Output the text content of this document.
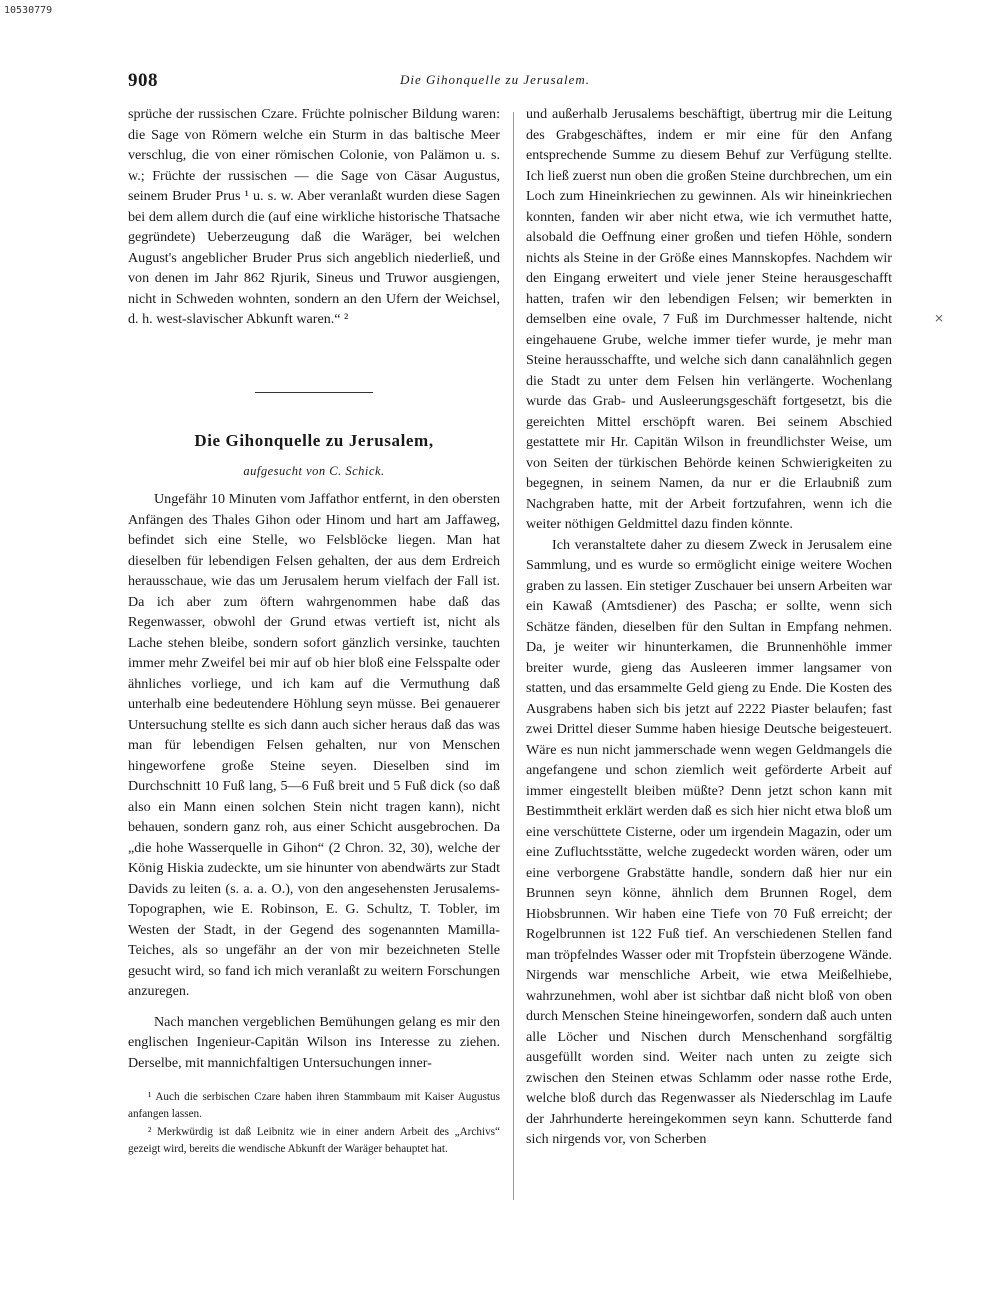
10530779
908	Die Gihonquelle zu Jerusalem.

sprüche der russischen Czare. Früchte polnischer Bildung waren: die Sage von Römern welche ein Sturm in das baltische Meer verschlug, die von einer römischen Colonie, von Palämon u. s. w.; Früchte der russischen — die Sage von Cäsar Augustus, seinem Bruder Prus ¹ u. s. w. Aber veranlaßt wurden diese Sagen bei dem allem durch die (auf eine wirkliche historische Thatsache gegründete) Ueberzeugung daß die Waräger, bei welchen August's angeblicher Bruder Prus sich angeblich niederließ, und von denen im Jahr 862 Rjurik, Sineus und Truwor ausgiengen, nicht in Schweden wohnten, sondern an den Ufern der Weichsel, d. h. west-slavischer Abkunft waren.“ ²

Die Gihonquelle zu Jerusalem,
aufgesucht von C. Schick.

Ungefähr 10 Minuten vom Jaffathor entfernt, in den obersten Anfängen des Thales Gihon oder Hinom und hart am Jaffaweg, befindet sich eine Stelle, wo Felsblöcke liegen. Man hat dieselben für lebendigen Felsen gehalten, der aus dem Erdreich herausschaue, wie das um Jerusalem herum vielfach der Fall ist. Da ich aber zum öftern wahrgenommen habe daß das Regenwasser, obwohl der Grund etwas vertieft ist, nicht als Lache stehen bleibe, sondern sofort gänzlich versinke, tauchten immer mehr Zweifel bei mir auf ob hier bloß eine Felsspalte oder ähnliches vorliege, und ich kam auf die Vermuthung daß unterhalb eine bedeutendere Höhlung seyn müsse. Bei genauerer Untersuchung stellte es sich dann auch sicher heraus daß das was man für lebendigen Felsen gehalten, nur von Menschen hingeworfene große Steine seyen. Dieselben sind im Durchschnitt 10 Fuß lang, 5—6 Fuß breit und 5 Fuß dick (so daß also ein Mann einen solchen Stein nicht tragen kann), nicht behauen, sondern ganz roh, aus einer Schicht ausgebrochen. Da „die hohe Wasserquelle in Gihon“ (2 Chron. 32, 30), welche der König Hiskia zudeckte, um sie hinunter von abendwärts zur Stadt Davids zu leiten (s. a. a. O.), von den angesehensten Jerusalems-Topographen, wie E. Robinson, E. G. Schultz, T. Tobler, im Westen der Stadt, in der Gegend des sogenannten Mamilla-Teiches, als so ungefähr an der von mir bezeichneten Stelle gesucht wird, so fand ich mich veranlaßt zu weitern Forschungen anzuregen.

Nach manchen vergeblichen Bemühungen gelang es mir den englischen Ingenieur-Capitän Wilson ins Interesse zu ziehen. Derselbe, mit mannichfaltigen Untersuchungen inner-

¹ Auch die serbischen Czare haben ihren Stammbaum mit Kaiser Augustus anfangen lassen.

² Merkwürdig ist daß Leibnitz wie in einer andern Arbeit des „Archivs“ gezeigt wird, bereits die wendische Abkunft der Waräger behauptet hat.

und außerhalb Jerusalems beschäftigt, übertrug mir die Leitung des Grabgeschäftes, indem er mir eine für den Anfang entsprechende Summe zu diesem Behuf zur Verfügung stellte. Ich ließ zuerst nun oben die großen Steine durchbrechen, um ein Loch zum Hineinkriechen zu gewinnen. Als wir hineinkriechen konnten, fanden wir aber nicht etwa, wie ich vermuthet hatte, alsobald die Oeffnung einer großen und tiefen Höhle, sondern nichts als Steine in der Größe eines Mannskopfes. Nachdem wir den Eingang erweitert und viele jener Steine herausgeschafft hatten, trafen wir den lebendigen Felsen; wir bemerkten in demselben eine ovale, 7 Fuß im Durchmesser haltende, nicht eingehauene Grube, welche immer tiefer wurde, je mehr man Steine herausschaffte, und welche sich dann canalähnlich gegen die Stadt zu unter dem Felsen hin verlängerte. Wochenlang wurde das Grab- und Ausleerungsgeschäft fortgesetzt, bis die gereichten Mittel erschöpft waren. Bei seinem Abschied gestattete mir Hr. Capitän Wilson in freundlichster Weise, um von Seiten der türkischen Behörde keinen Schwierigkeiten zu begegnen, in seinem Namen, da nur er die Erlaubniß zum Nachgraben hatte, mit der Arbeit fortzufahren, wenn ich die weiter nöthigen Geldmittel dazu finden könnte.

Ich veranstaltete daher zu diesem Zweck in Jerusalem eine Sammlung, und es wurde so ermöglicht einige weitere Wochen graben zu lassen. Ein stetiger Zuschauer bei unsern Arbeiten war ein Kawaß (Amtsdiener) des Pascha; er sollte, wenn sich Schätze fänden, dieselben für den Sultan in Empfang nehmen. Da, je weiter wir hinunterkamen, die Brunnenhöhle immer breiter wurde, gieng das Ausleeren immer langsamer von statten, und das ersammelte Geld gieng zu Ende. Die Kosten des Ausgrabens haben sich bis jetzt auf 2222 Piaster belaufen; fast zwei Drittel dieser Summe haben hiesige Deutsche beigesteuert. Wäre es nun nicht jammerschade wenn wegen Geldmangels die angefangene und schon ziemlich weit geförderte Arbeit auf immer eingestellt bleiben müßte? Denn jetzt schon kann mit Bestimmtheit erklärt werden daß es sich hier nicht etwa bloß um eine verschüttete Cisterne, oder um irgendein Magazin, oder um eine Zufluchtsstätte, welche zugedeckt worden wären, oder um eine verborgene Grabstätte handle, sondern daß hier nur ein Brunnen seyn könne, ähnlich dem Brunnen Rogel, dem Hiobsbrunnen. Wir haben eine Tiefe von 70 Fuß erreicht; der Rogelbrunnen ist 122 Fuß tief. An verschiedenen Stellen fand man tröpfelndes Wasser oder mit Tropfstein überzogene Wände. Nirgends war menschliche Arbeit, wie etwa Meißelhiebe, wahrzunehmen, wohl aber ist sichtbar daß nicht bloß von oben durch Menschen Steine hineingeworfen, sondern daß auch unten alle Löcher und Nischen durch Menschenhand sorgfältig ausgefüllt worden sind. Weiter nach unten zu zeigte sich zwischen den Steinen etwas Schlamm oder nasse rothe Erde, welche bloß durch das Regenwasser als Niederschlag im Laufe der Jahrhunderte hereingekommen seyn kann. Schutterde fand sich nirgends vor, von Scherben

×
